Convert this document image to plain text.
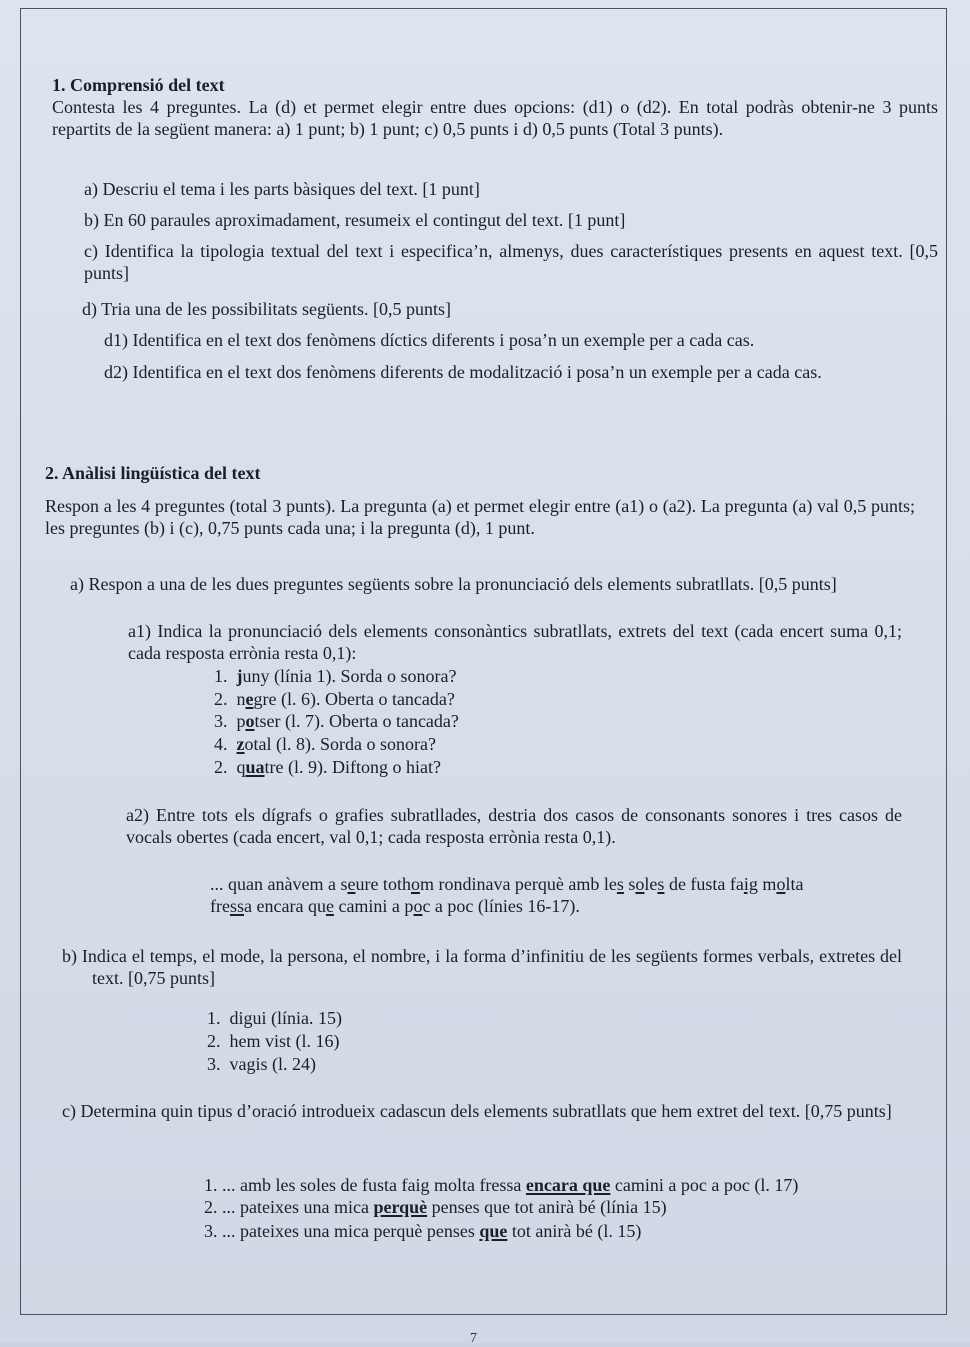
1. Comprensió del text

Contesta les 4 preguntes. La (d) et permet elegir entre dues opcions: (d1) o (d2). En total podràs obtenir-ne 3 punts repartits de la següent manera: a) 1 punt; b) 1 punt; c) 0,5 punts i d) 0,5 punts (Total 3 punts).

a) Descriu el tema i les parts bàsiques del text. [1 punt]

b) En 60 paraules aproximadament, resumeix el contingut del text. [1 punt]

c) Identifica la tipologia textual del text i especifica’n, almenys, dues característiques presents en aquest text. [0,5 punts]

d) Tria una de les possibilitats següents. [0,5 punts]

d1) Identifica en el text dos fenòmens díctics diferents i posa’n un exemple per a cada cas.

d2) Identifica en el text dos fenòmens diferents de modalització i posa’n un exemple per a cada cas.

2. Anàlisi lingüística del text

Respon a les 4 preguntes (total 3 punts). La pregunta (a) et permet elegir entre (a1) o (a2). La pregunta (a) val 0,5 punts; les preguntes (b) i (c), 0,75 punts cada una; i la pregunta (d), 1 punt.

a) Respon a una de les dues preguntes següents sobre la pronunciació dels elements subratllats. [0,5 punts]

a1) Indica la pronunciació dels elements consonàntics subratllats, extrets del text (cada encert suma 0,1; cada resposta errònia resta 0,1):

1. juny (línia 1). Sorda o sonora?
2. negre (l. 6). Oberta o tancada?
3. potser (l. 7). Oberta o tancada?
4. zotal (l. 8). Sorda o sonora?
2. quatre (l. 9). Diftong o hiat?

a2) Entre tots els dígrafs o grafies subratllades, destria dos casos de consonants sonores i tres casos de vocals obertes (cada encert, val 0,1; cada resposta errònia resta 0,1).

... quan anàvem a seure tothom rondinava perquè amb les soles de fusta faig molta
fressa encara que camini a poc a poc (línies 16-17).

b) Indica el temps, el mode, la persona, el nombre, i la forma d’infinitiu de les següents formes verbals, extretes del text. [0,75 punts]

1. digui (línia. 15)
2. hem vist (l. 16)
3. vagis (l. 24)

c) Determina quin tipus d’oració introdueix cadascun dels elements subratllats que hem extret del text. [0,75 punts]

1. ... amb les soles de fusta faig molta fressa encara que camini a poc a poc (l. 17)
2. ... pateixes una mica perquè penses que tot anirà bé (línia 15)
3. ... pateixes una mica perquè penses que tot anirà bé (l. 15)
7
